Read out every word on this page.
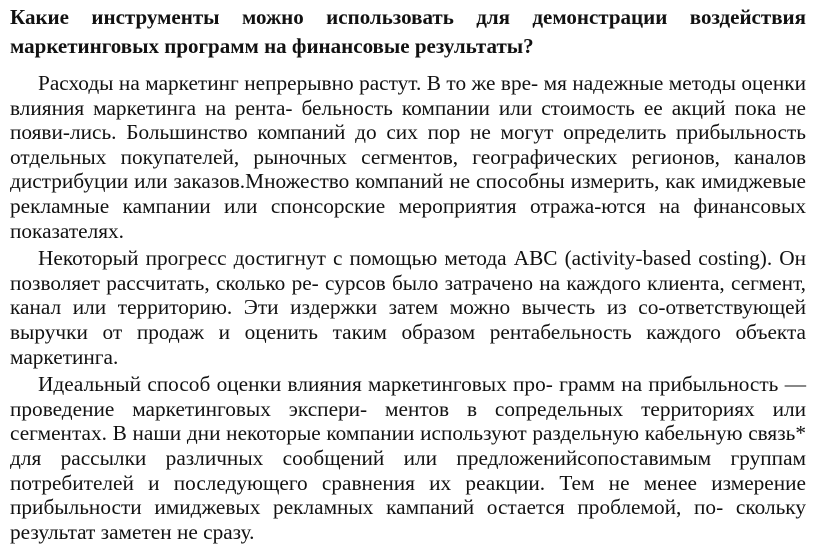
Какие инструменты можно использовать для демонстрации воздействия маркетинговых программ на финансовые результаты?

Расходы на маркетинг непрерывно растут. В то же вре- мя надежные методы оценки влияния маркетинга на рента- бельность компании или стоимость ее акций пока не появи-лись. Большинство компаний до сих пор не могут определить прибыльность отдельных покупателей, рыночных сегментов, географических регионов, каналов дистрибуции или заказов.Множество компаний не способны измерить, как имиджевые рекламные кампании или спонсорские мероприятия отража-ются на финансовых показателях.

Некоторый прогресс достигнут с помощью метода ABC (activity-based costing). Он позволяет рассчитать, сколько ре- сурсов было затрачено на каждого клиента, сегмент, канал или территорию. Эти издержки затем можно вычесть из со-ответствующей выручки от продаж и оценить таким образом рентабельность каждого объекта маркетинга.

Идеальный способ оценки влияния маркетинговых про- грамм на прибыльность — проведение маркетинговых экспери- ментов в сопредельных территориях или сегментах. В наши дни некоторые компании используют раздельную кабельную связь* для рассылки различных сообщений или предложенийсопоставимым группам потребителей и последующего сравнения их реакции. Тем не менее измерение прибыльности имиджевых рекламных кампаний остается проблемой, по- скольку результат заметен не сразу.
